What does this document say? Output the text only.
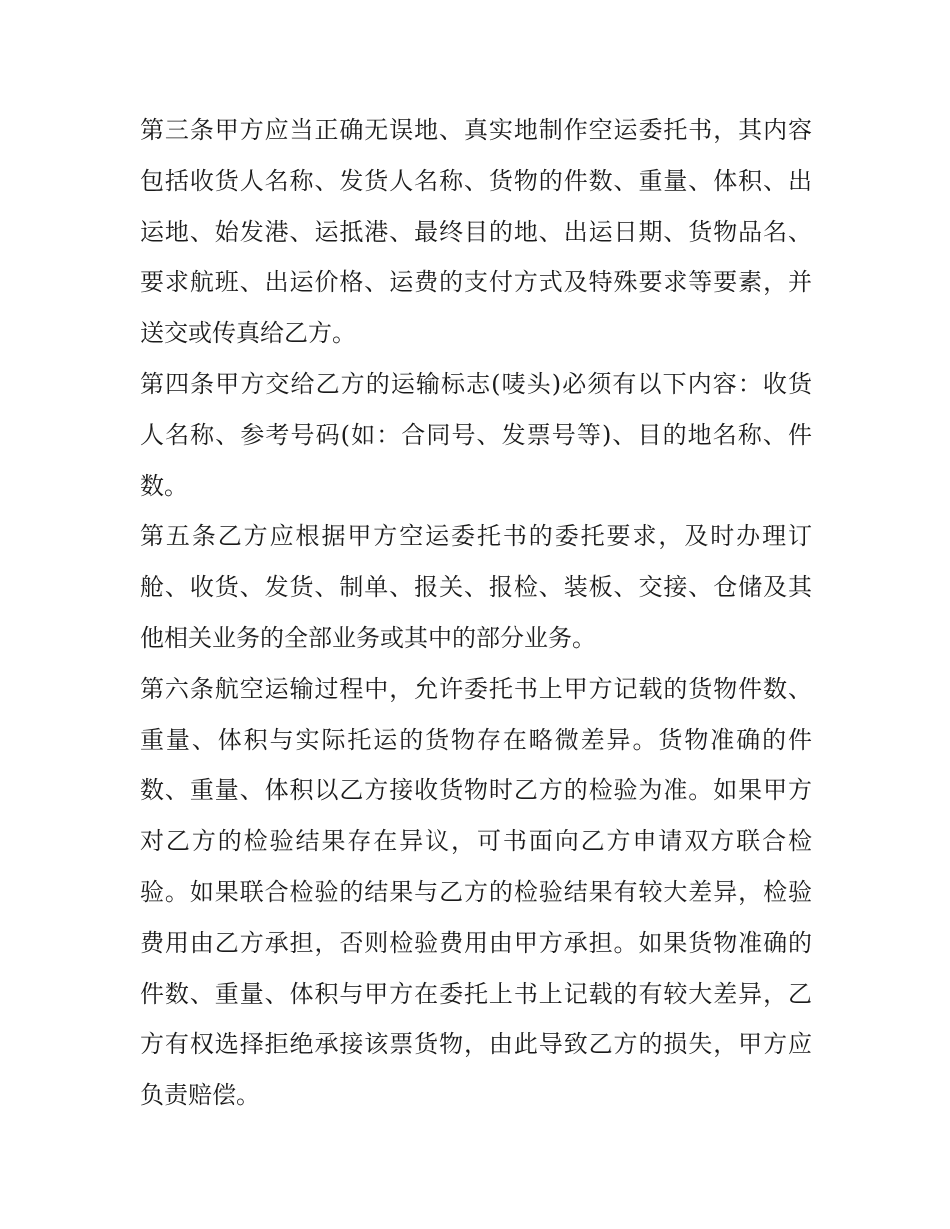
第三条甲方应当正确无误地、真实地制作空运委托书，其内容
包括收货人名称、发货人名称、货物的件数、重量、体积、出
运地、始发港、运抵港、最终目的地、出运日期、货物品名、
要求航班、出运价格、运费的支付方式及特殊要求等要素，并
送交或传真给乙方。
第四条甲方交给乙方的运输标志(唛头)必须有以下内容：收货
人名称、参考号码(如：合同号、发票号等)、目的地名称、件
数。
第五条乙方应根据甲方空运委托书的委托要求，及时办理订
舱、收货、发货、制单、报关、报检、装板、交接、仓储及其
他相关业务的全部业务或其中的部分业务。
第六条航空运输过程中，允许委托书上甲方记载的货物件数、
重量、体积与实际托运的货物存在略微差异。货物准确的件
数、重量、体积以乙方接收货物时乙方的检验为准。如果甲方
对乙方的检验结果存在异议，可书面向乙方申请双方联合检
验。如果联合检验的结果与乙方的检验结果有较大差异，检验
费用由乙方承担，否则检验费用由甲方承担。如果货物准确的
件数、重量、体积与甲方在委托上书上记载的有较大差异，乙
方有权选择拒绝承接该票货物，由此导致乙方的损失，甲方应
负责赔偿。
